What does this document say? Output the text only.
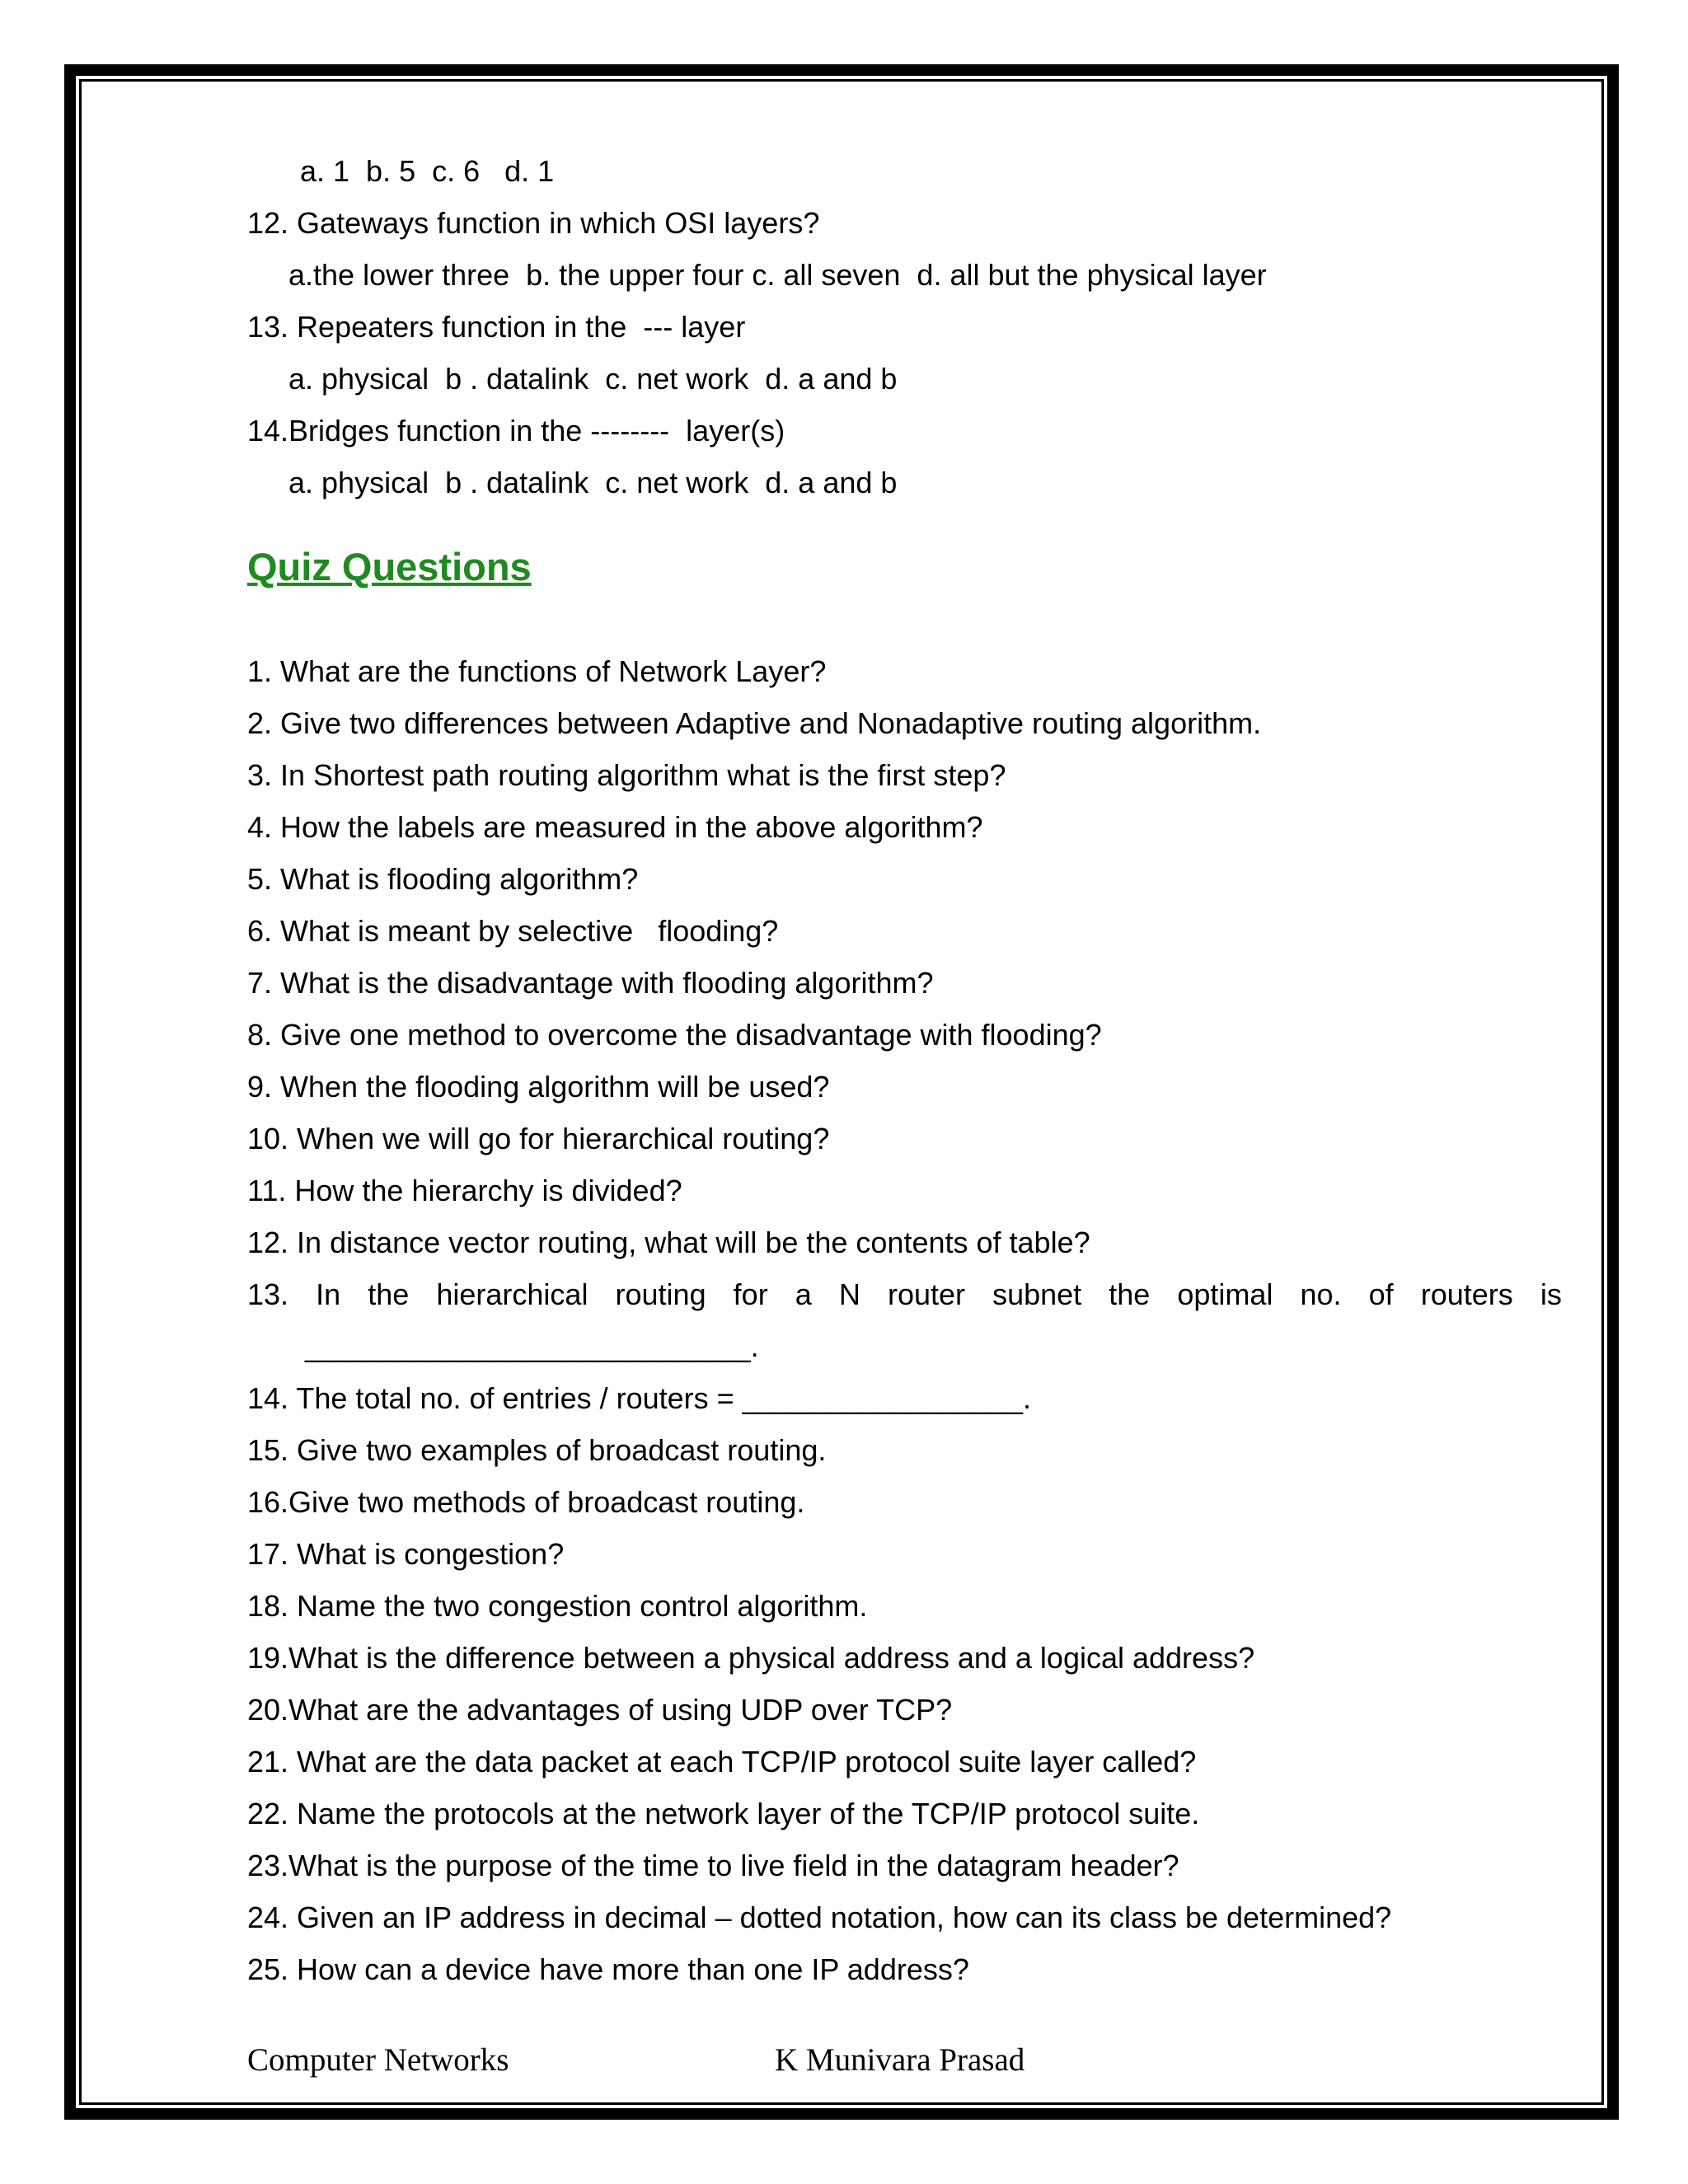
a. 1  b. 5  c. 6   d. 1
12. Gateways function in which OSI layers?
a.the lower three  b. the upper four c. all seven  d. all but the physical layer
13. Repeaters function in the  --- layer
a. physical  b . datalink  c. net work  d. a and b
14.Bridges function in the --------  layer(s)
a. physical  b . datalink  c. net work  d. a and b
Quiz Questions
1. What are the functions of Network Layer?
2. Give two differences between Adaptive and Nonadaptive routing algorithm.
3. In Shortest path routing algorithm what is the first step?
4. How the labels are measured in the above algorithm?
5. What is flooding algorithm?
6. What is meant by selective   flooding?
7. What is the disadvantage with flooding algorithm?
8. Give one method to overcome the disadvantage with flooding?
9. When the flooding algorithm will be used?
10. When we will go for hierarchical routing?
11. How the hierarchy is divided?
12. In distance vector routing, what will be the contents of table?
13. In the hierarchical routing for a N router subnet the optimal no. of routers is
___________________________.
14. The total no. of entries / routers = _________________.
15. Give two examples of broadcast routing.
16.Give two methods of broadcast routing.
17. What is congestion?
18. Name the two congestion control algorithm.
19.What is the difference between a physical address and a logical address?
20.What are the advantages of using UDP over TCP?
21. What are the data packet at each TCP/IP protocol suite layer called?
22. Name the protocols at the network layer of the TCP/IP protocol suite.
23.What is the purpose of the time to live field in the datagram header?
24. Given an IP address in decimal – dotted notation, how can its class be determined?
25. How can a device have more than one IP address?
Computer Networks	K Munivara Prasad
